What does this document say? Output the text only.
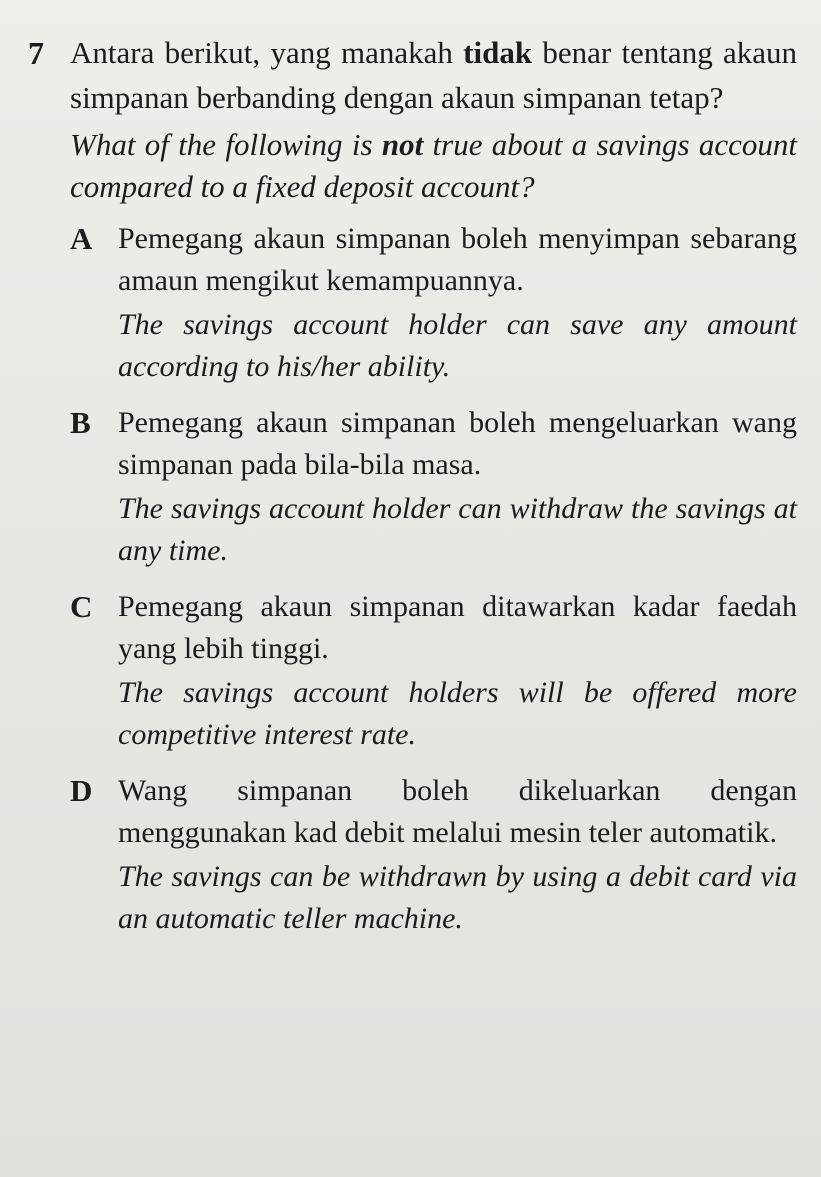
7 Antara berikut, yang manakah tidak benar tentang akaun simpanan berbanding dengan akaun simpanan tetap?

What of the following is not true about a savings account compared to a fixed deposit account?

A Pemegang akaun simpanan boleh menyimpan sebarang amaun mengikut kemampuannya.

The savings account holder can save any amount according to his/her ability.

B Pemegang akaun simpanan boleh mengeluarkan wang simpanan pada bila-bila masa.

The savings account holder can withdraw the savings at any time.

C Pemegang akaun simpanan ditawarkan kadar faedah yang lebih tinggi.

The savings account holders will be offered more competitive interest rate.

D Wang simpanan boleh dikeluarkan dengan menggunakan kad debit melalui mesin teler automatik.

The savings can be withdrawn by using a debit card via an automatic teller machine.
